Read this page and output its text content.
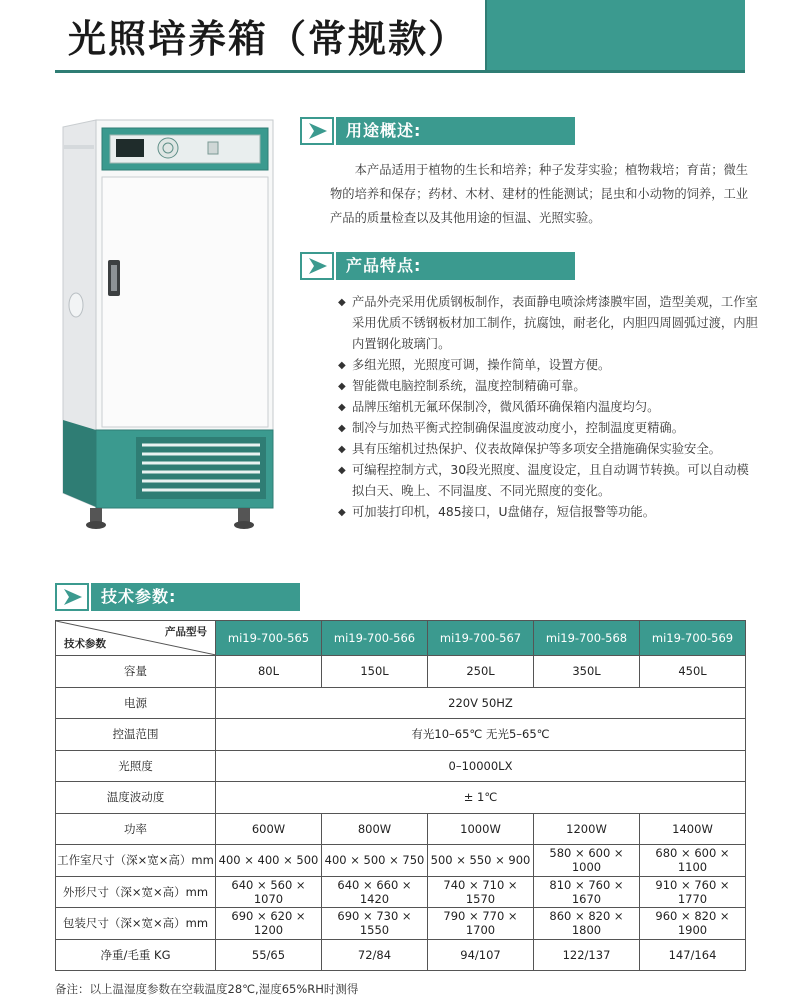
光照培养箱（常规款）
用途概述:
本产品适用于植物的生长和培养；种子发芽实验；植物栽培；育苗；微生物的培养和保存；药材、木材、建材的性能测试；昆虫和小动物的饲养，工业产品的质量检查以及其他用途的恒温、光照实验。
产品特点:
◆ 产品外壳采用优质钢板制作，表面静电喷涂烤漆膜牢固，造型美观，工作室采用优质不锈钢板材加工制作，抗腐蚀，耐老化，内胆四周圆弧过渡，内胆内置钢化玻璃门。
◆ 多组光照，光照度可调，操作简单，设置方便。
◆ 智能微电脑控制系统，温度控制精确可靠。
◆ 品牌压缩机无氟环保制冷，微风循环确保箱内温度均匀。
◆ 制冷与加热平衡式控制确保温度波动度小，控制温度更精确。
◆ 具有压缩机过热保护、仪表故障保护等多项安全措施确保实验安全。
◆ 可编程控制方式，30段光照度、温度设定，且自动调节转换。可以自动模拟白天、晚上、不同温度、不同光照度的变化。
◆ 可加装打印机，485接口，U盘储存，短信报警等功能。
技术参数:
产品型号
技术参数	mi19-700-565	mi19-700-566	mi19-700-567	mi19-700-568	mi19-700-569
容量	80L	150L	250L	350L	450L
电源	220V 50HZ				
控温范围	有光10–65℃ 无光5–65℃				
光照度	0–10000LX				
温度波动度	± 1℃				
功率	600W	800W	1000W	1200W	1400W
工作室尺寸（深×宽×高）mm	400 × 400 × 500	400 × 500 × 750	500 × 550 × 900	580 × 600 × 1000	680 × 600 × 1100
外形尺寸（深×宽×高）mm	640 × 560 × 1070	640 × 660 × 1420	740 × 710 × 1570	810 × 760 × 1670	910 × 760 × 1770
包装尺寸（深×宽×高）mm	690 × 620 × 1200	690 × 730 × 1550	790 × 770 × 1700	860 × 820 × 1800	960 × 820 × 1900
净重/毛重 KG	55/65	72/84	94/107	122/137	147/164
备注：以上温湿度参数在空载温度28℃,湿度65%RH时测得
